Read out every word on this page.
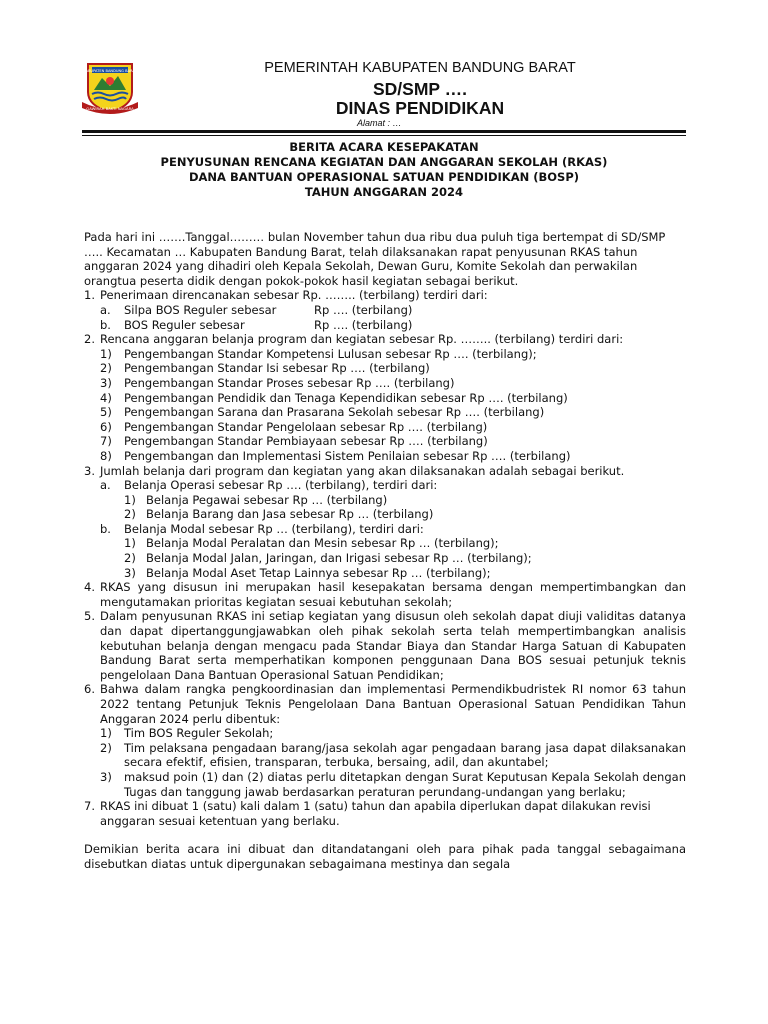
KABUPATEN BANDUNG BARAT
GAWIRAH BAKTI NAGARA
PEMERINTAH KABUPATEN BANDUNG BARAT
SD/SMP ….
DINAS PENDIDIKAN
Alamat : …
BERITA ACARA KESEPAKATAN
PENYUSUNAN RENCANA KEGIATAN DAN ANGGARAN SEKOLAH (RKAS)
DANA BANTUAN OPERASIONAL SATUAN PENDIDIKAN (BOSP)
TAHUN ANGGARAN 2024

Pada hari ini …….Tanggal……… bulan November tahun dua ribu dua puluh tiga bertempat di SD/SMP ….. Kecamatan … Kabupaten Bandung Barat, telah dilaksanakan rapat penyusunan RKAS tahun anggaran 2024 yang dihadiri oleh Kepala Sekolah, Dewan Guru, Komite Sekolah dan perwakilan orangtua peserta didik dengan pokok-pokok hasil kegiatan sebagai berikut.

1. Penerimaan direncanakan sebesar Rp. …….. (terbilang) terdiri dari:
a. Silpa BOS Reguler sebesar	Rp …. (terbilang)
b. BOS Reguler sebesar	Rp …. (terbilang)
2. Rencana anggaran belanja program dan kegiatan sebesar Rp. …….. (terbilang) terdiri dari:
1) Pengembangan Standar Kompetensi Lulusan sebesar Rp …. (terbilang);
2) Pengembangan Standar Isi sebesar Rp …. (terbilang)
3) Pengembangan Standar Proses sebesar Rp …. (terbilang)
4) Pengembangan Pendidik dan Tenaga Kependidikan sebesar Rp …. (terbilang)
5) Pengembangan Sarana dan Prasarana Sekolah sebesar Rp …. (terbilang)
6) Pengembangan Standar Pengelolaan sebesar Rp …. (terbilang)
7) Pengembangan Standar Pembiayaan sebesar Rp …. (terbilang)
8) Pengembangan dan Implementasi Sistem Penilaian sebesar Rp …. (terbilang)
3. Jumlah belanja dari program dan kegiatan yang akan dilaksanakan adalah sebagai berikut.
a. Belanja Operasi sebesar Rp …. (terbilang), terdiri dari:
1) Belanja Pegawai sebesar Rp … (terbilang)
2) Belanja Barang dan Jasa sebesar Rp … (terbilang)
b. Belanja Modal sebesar Rp … (terbilang), terdiri dari:
1) Belanja Modal Peralatan dan Mesin sebesar Rp … (terbilang);
2) Belanja Modal Jalan, Jaringan, dan Irigasi sebesar Rp … (terbilang);
3) Belanja Modal Aset Tetap Lainnya sebesar Rp … (terbilang);
4. RKAS yang disusun ini merupakan hasil kesepakatan bersama dengan mempertimbangkan dan mengutamakan prioritas kegiatan sesuai kebutuhan sekolah;
5. Dalam penyusunan RKAS ini setiap kegiatan yang disusun oleh sekolah dapat diuji validitas datanya dan dapat dipertanggungjawabkan oleh pihak sekolah serta telah mempertimbangkan analisis kebutuhan belanja dengan mengacu pada Standar Biaya dan Standar Harga Satuan di Kabupaten Bandung Barat serta memperhatikan komponen penggunaan Dana BOS sesuai petunjuk teknis pengelolaan Dana Bantuan Operasional Satuan Pendidikan;
6. Bahwa dalam rangka pengkoordinasian dan implementasi Permendikbudristek RI nomor 63 tahun 2022 tentang Petunjuk Teknis Pengelolaan Dana Bantuan Operasional Satuan Pendidikan Tahun Anggaran 2024 perlu dibentuk:
1) Tim BOS Reguler Sekolah;
2) Tim pelaksana pengadaan barang/jasa sekolah agar pengadaan barang jasa dapat dilaksanakan secara efektif, efisien, transparan, terbuka, bersaing, adil, dan akuntabel;
3) maksud poin (1) dan (2) diatas perlu ditetapkan dengan Surat Keputusan Kepala Sekolah dengan Tugas dan tanggung jawab berdasarkan peraturan perundang-undangan yang berlaku;
7. RKAS ini dibuat 1 (satu) kali dalam 1 (satu) tahun dan apabila diperlukan dapat dilakukan revisi anggaran sesuai ketentuan yang berlaku.

Demikian berita acara ini dibuat dan ditandatangani oleh para pihak pada tanggal sebagaimana disebutkan diatas untuk dipergunakan sebagaimana mestinya dan segala
